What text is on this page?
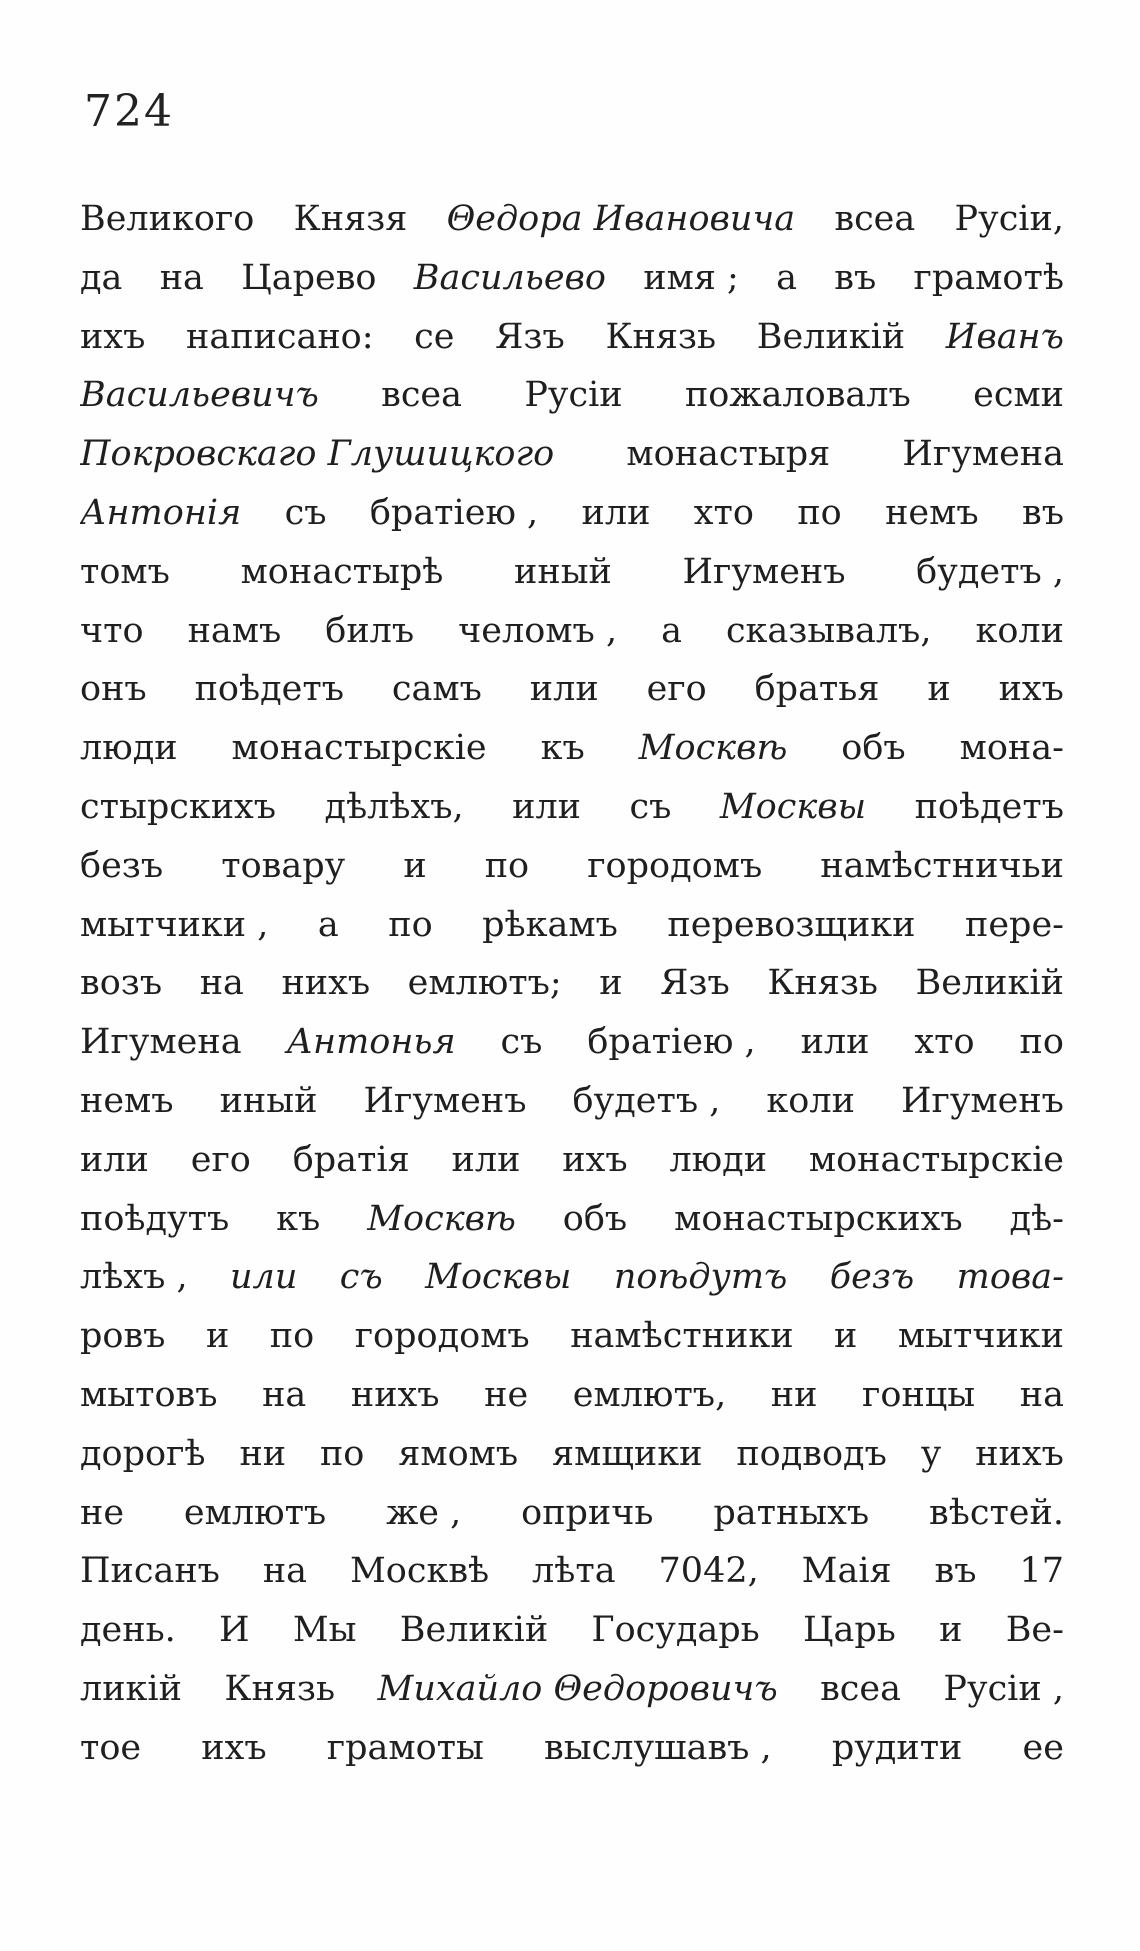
724
Великого Князя Θедора Ивановича всеа Русіи,
да на Царево Васильево имя ; а въ грамотѣ
ихъ написано: се Язъ Князь Великій Иванъ
Васильевичъ всеа Русіи пожаловалъ есми
Покровскаго Глушицкого монастыря Игумена
Антонія съ братіею , или хто по немъ въ
томъ монастырѣ иный Игуменъ будетъ ,
что намъ билъ челомъ , а сказывалъ, коли
онъ поѣдетъ самъ или его братья и ихъ
люди монастырскіе къ Москвѣ объ мона-
стырскихъ дѣлѣхъ, или съ Москвы поѣдетъ
безъ товару и по городомъ намѣстничьи
мытчики , а по рѣкамъ перевозщики пере-
возъ на нихъ емлютъ; и Язъ Князь Великій
Игумена Антонья съ братіею , или хто по
немъ иный Игуменъ будетъ , коли Игуменъ
или его братія или ихъ люди монастырскіе
поѣдутъ къ Москвѣ объ монастырскихъ дѣ-
лѣхъ , или съ Москвы поѣдутъ безъ това-
ровъ и по городомъ намѣстники и мытчики
мытовъ на нихъ не емлютъ, ни гонцы на
дорогѣ ни по ямомъ ямщики подводъ у нихъ
не емлютъ же , опричь ратныхъ вѣстей.
Писанъ на Москвѣ лѣта 7042, Маія въ 17
день. И Мы Великій Государь Царь и Ве-
ликій Князь Михайло Θедоровичъ всеа Русіи ,
тое ихъ грамоты выслушавъ , рудити ее
